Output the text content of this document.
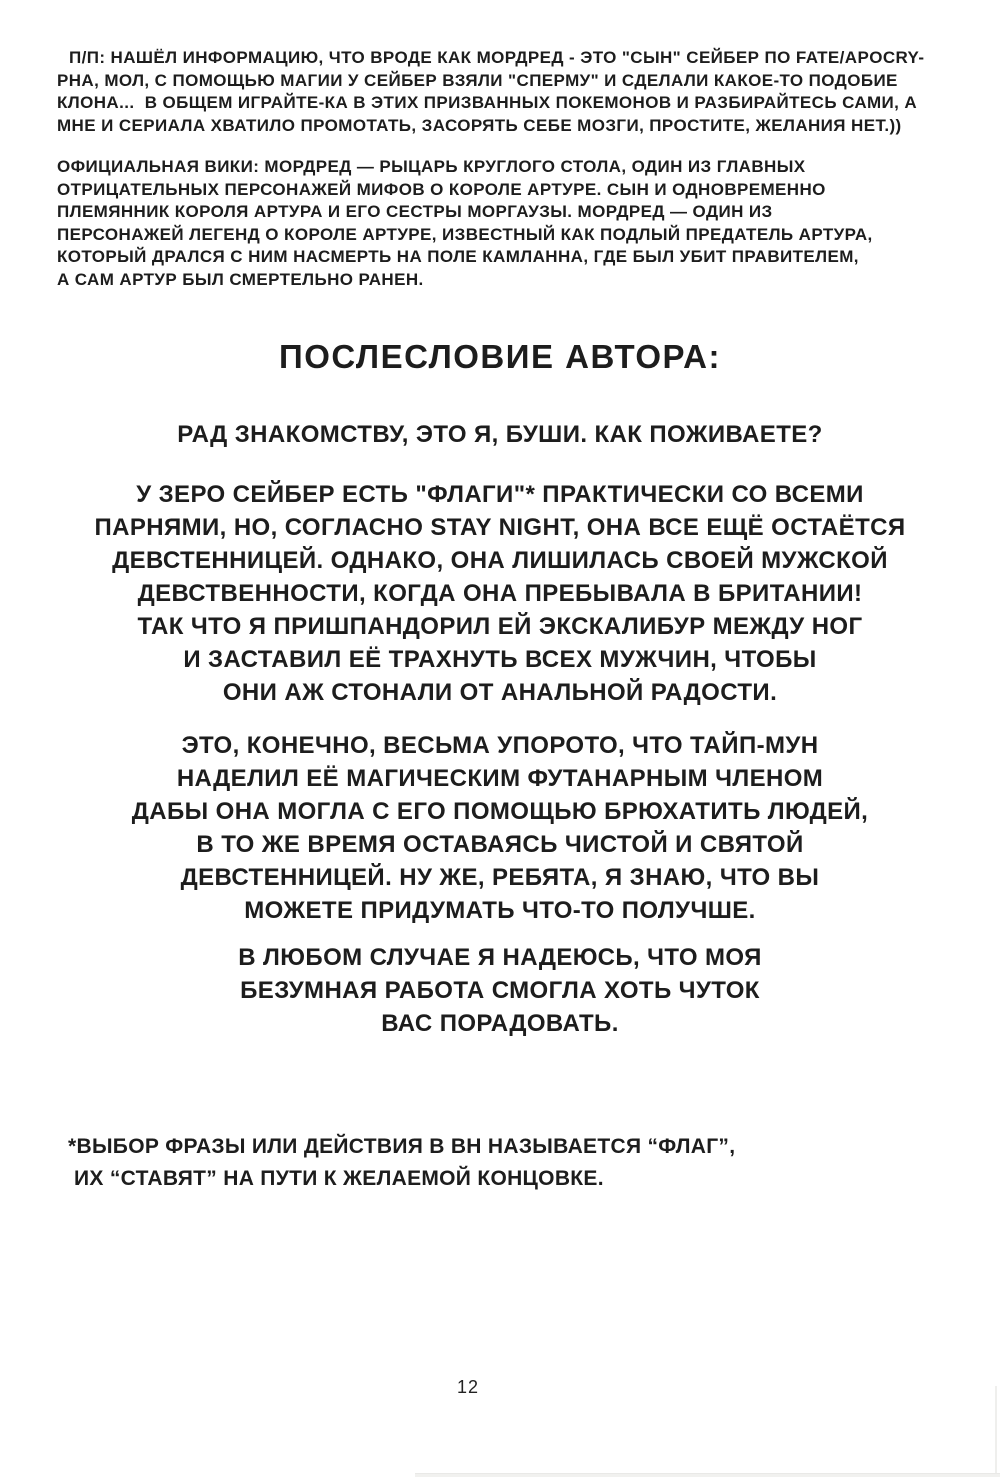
П/П: НАШЁЛ ИНФОРМАЦИЮ, ЧТО ВРОДЕ КАК МОРДРЕД - ЭТО "СЫН" СЕЙБЕР ПО FATE/APOCRY-
PHA, МОЛ, С ПОМОЩЬЮ МАГИИ У СЕЙБЕР ВЗЯЛИ "СПЕРМУ" И СДЕЛАЛИ КАКОЕ-ТО ПОДОБИЕ
КЛОНА...  В ОБЩЕМ ИГРАЙТЕ-КА В ЭТИХ ПРИЗВАННЫХ ПОКЕМОНОВ И РАЗБИРАЙТЕСЬ САМИ, А
МНЕ И СЕРИАЛА ХВАТИЛО ПРОМОТАТЬ, ЗАСОРЯТЬ СЕБЕ МОЗГИ, ПРОСТИТЕ, ЖЕЛАНИЯ НЕТ.))
ОФИЦИАЛЬНАЯ ВИКИ: МОРДРЕД — РЫЦАРЬ КРУГЛОГО СТОЛА, ОДИН ИЗ ГЛАВНЫХ
ОТРИЦАТЕЛЬНЫХ ПЕРСОНАЖЕЙ МИФОВ О КОРОЛЕ АРТУРЕ. СЫН И ОДНОВРЕМЕННО
ПЛЕМЯННИК КОРОЛЯ АРТУРА И ЕГО СЕСТРЫ МОРГАУЗЫ. МОРДРЕД — ОДИН ИЗ
ПЕРСОНАЖЕЙ ЛЕГЕНД О КОРОЛЕ АРТУРЕ, ИЗВЕСТНЫЙ КАК ПОДЛЫЙ ПРЕДАТЕЛЬ АРТУРА,
КОТОРЫЙ ДРАЛСЯ С НИМ НАСМЕРТЬ НА ПОЛЕ КАМЛАННА, ГДЕ БЫЛ УБИТ ПРАВИТЕЛЕМ,
А САМ АРТУР БЫЛ СМЕРТЕЛЬНО РАНЕН.
ПОСЛЕСЛОВИЕ АВТОРА:
РАД ЗНАКОМСТВУ, ЭТО Я, БУШИ. КАК ПОЖИВАЕТЕ?
У ЗЕРО СЕЙБЕР ЕСТЬ "ФЛАГИ"* ПРАКТИЧЕСКИ СО ВСЕМИ
ПАРНЯМИ, НО, СОГЛАСНО STAY NIGHT, ОНА ВСЕ ЕЩЁ ОСТАЁТСЯ
ДЕВСТЕННИЦЕЙ. ОДНАКО, ОНА ЛИШИЛАСЬ СВОЕЙ МУЖСКОЙ
ДЕВСТВЕННОСТИ, КОГДА ОНА ПРЕБЫВАЛА В БРИТАНИИ!
ТАК ЧТО Я ПРИШПАНДОРИЛ ЕЙ ЭКСКАЛИБУР МЕЖДУ НОГ
И ЗАСТАВИЛ ЕЁ ТРАХНУТЬ ВСЕХ МУЖЧИН, ЧТОБЫ
ОНИ АЖ СТОНАЛИ ОТ АНАЛЬНОЙ РАДОСТИ.
ЭТО, КОНЕЧНО, ВЕСЬМА УПОРОТО, ЧТО ТАЙП-МУН
НАДЕЛИЛ ЕЁ МАГИЧЕСКИМ ФУТАНАРНЫМ ЧЛЕНОМ
ДАБЫ ОНА МОГЛА С ЕГО ПОМОЩЬЮ БРЮХАТИТЬ ЛЮДЕЙ,
В ТО ЖЕ ВРЕМЯ ОСТАВАЯСЬ ЧИСТОЙ И СВЯТОЙ
ДЕВСТЕННИЦЕЙ. НУ ЖЕ, РЕБЯТА, Я ЗНАЮ, ЧТО ВЫ
МОЖЕТЕ ПРИДУМАТЬ ЧТО-ТО ПОЛУЧШЕ.
В ЛЮБОМ СЛУЧАЕ Я НАДЕЮСЬ, ЧТО МОЯ
БЕЗУМНАЯ РАБОТА СМОГЛА ХОТЬ ЧУТОК
ВАС ПОРАДОВАТЬ.
*ВЫБОР ФРАЗЫ ИЛИ ДЕЙСТВИЯ В ВН НАЗЫВАЕТСЯ “ФЛАГ”,
ИХ “СТАВЯТ” НА ПУТИ К ЖЕЛАЕМОЙ КОНЦОВКЕ.
12
